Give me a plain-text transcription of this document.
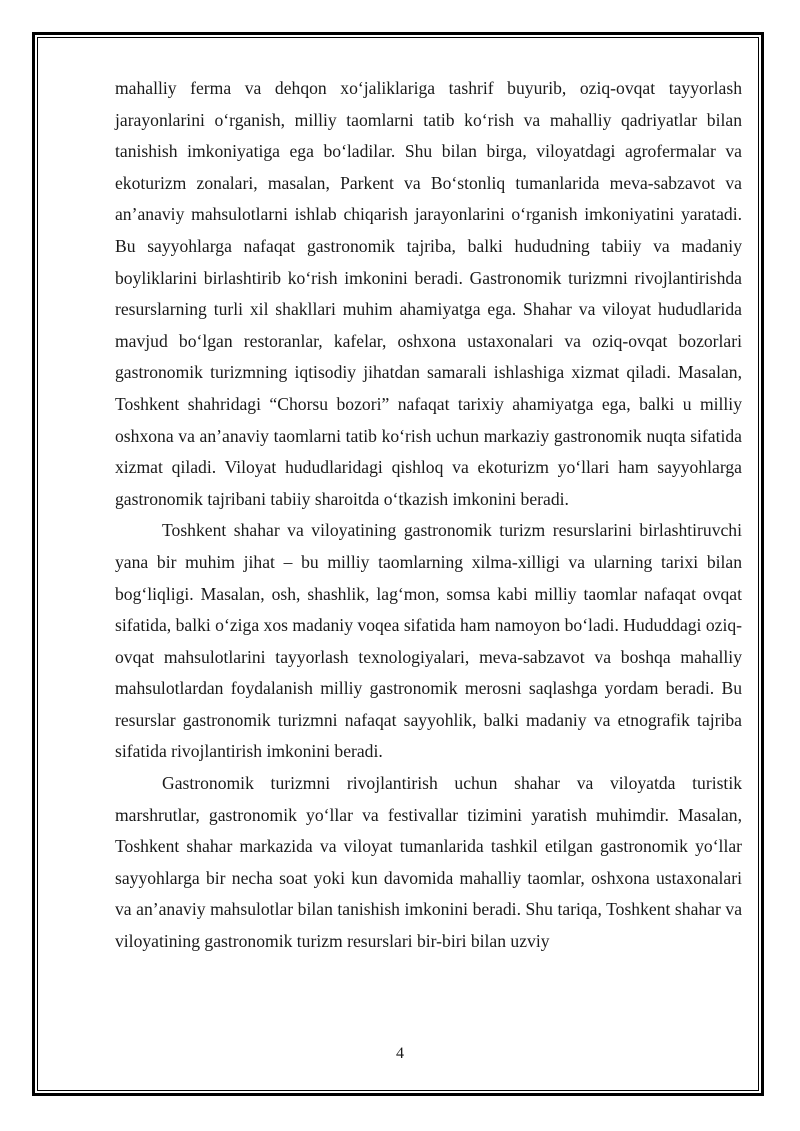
mahalliy ferma va dehqon xo‘jaliklariga tashrif buyurib, oziq-ovqat tayyorlash jarayonlarini o‘rganish, milliy taomlarni tatib ko‘rish va mahalliy qadriyatlar bilan tanishish imkoniyatiga ega bo‘ladilar. Shu bilan birga, viloyatdagi agrofermalar va ekoturizm zonalari, masalan, Parkent va Bo‘stonliq tumanlarida meva-sabzavot va an’anaviy mahsulotlarni ishlab chiqarish jarayonlarini o‘rganish imkoniyatini yaratadi. Bu sayyohlarga nafaqat gastronomik tajriba, balki hududning tabiiy va madaniy boyliklarini birlashtirib ko‘rish imkonini beradi. Gastronomik turizmni rivojlantirishda resurslarning turli xil shakllari muhim ahamiyatga ega. Shahar va viloyat hududlarida mavjud bo‘lgan restoranlar, kafelar, oshxona ustaxonalari va oziq-ovqat bozorlari gastronomik turizmning iqtisodiy jihatdan samarali ishlashiga xizmat qiladi. Masalan, Toshkent shahridagi “Chorsu bozori” nafaqat tarixiy ahamiyatga ega, balki u milliy oshxona va an’anaviy taomlarni tatib ko‘rish uchun markaziy gastronomik nuqta sifatida xizmat qiladi. Viloyat hududlaridagi qishloq va ekoturizm yo‘llari ham sayyohlarga gastronomik tajribani tabiiy sharoitda o‘tkazish imkonini beradi.

Toshkent shahar va viloyatining gastronomik turizm resurslarini birlashtiruvchi yana bir muhim jihat – bu milliy taomlarning xilma-xilligi va ularning tarixi bilan bog‘liqligi. Masalan, osh, shashlik, lag‘mon, somsa kabi milliy taomlar nafaqat ovqat sifatida, balki o‘ziga xos madaniy voqea sifatida ham namoyon bo‘ladi. Hududdagi oziq-ovqat mahsulotlarini tayyorlash texnologiyalari, meva-sabzavot va boshqa mahalliy mahsulotlardan foydalanish milliy gastronomik merosni saqlashga yordam beradi. Bu resurslar gastronomik turizmni nafaqat sayyohlik, balki madaniy va etnografik tajriba sifatida rivojlantirish imkonini beradi.

Gastronomik turizmni rivojlantirish uchun shahar va viloyatda turistik marshrutlar, gastronomik yo‘llar va festivallar tizimini yaratish muhimdir. Masalan, Toshkent shahar markazida va viloyat tumanlarida tashkil etilgan gastronomik yo‘llar sayyohlarga bir necha soat yoki kun davomida mahalliy taomlar, oshxona ustaxonalari va an’anaviy mahsulotlar bilan tanishish imkonini beradi. Shu tariqa, Toshkent shahar va viloyatining gastronomik turizm resurslari bir-biri bilan uzviy

4
